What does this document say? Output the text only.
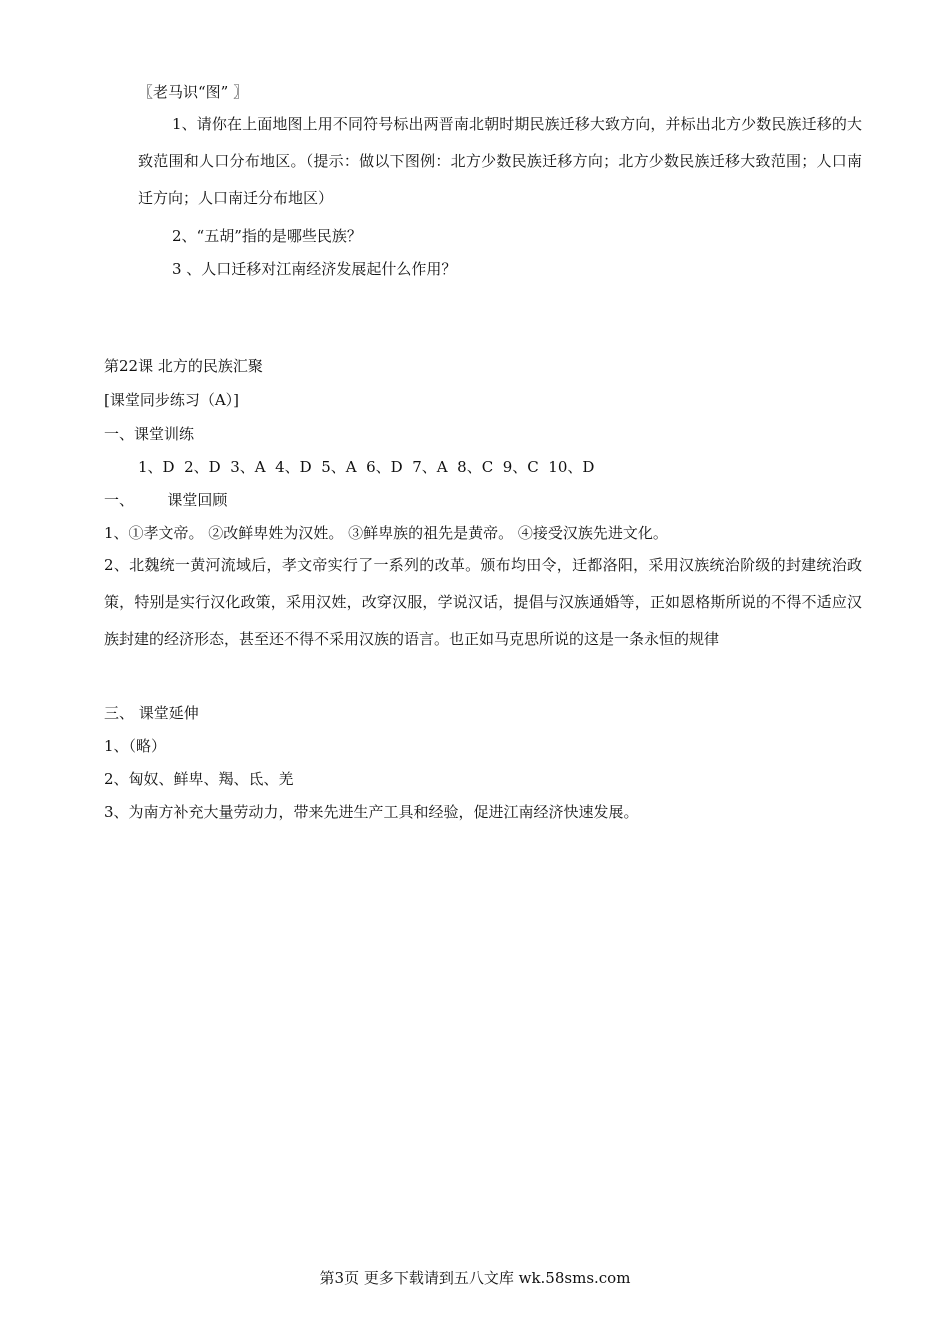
〖老马识“图” 〗
1、请你在上面地图上用不同符号标出两晋南北朝时期民族迁移大致方向，并标出北方少数民族迁移的大致范围和人口分布地区。（提示：做以下图例：北方少数民族迁移方向；北方少数民族迁移大致范围；人口南迁方向；人口南迁分布地区）
2、“五胡”指的是哪些民族？
3 、人口迁移对江南经济发展起什么作用？
第22课 北方的民族汇聚
[课堂同步练习（A）]
一、课堂训练
1、D  2、D  3、A  4、D  5、A  6、D  7、A  8、C  9、C  10、D
一、       课堂回顾
1、①孝文帝。 ②改鲜卑姓为汉姓。 ③鲜卑族的祖先是黄帝。 ④接受汉族先进文化。
2、北魏统一黄河流域后，孝文帝实行了一系列的改革。颁布均田令，迁都洛阳，采用汉族统治阶级的封建统治政策，特别是实行汉化政策，采用汉姓，改穿汉服，学说汉话，提倡与汉族通婚等，正如恩格斯所说的不得不适应汉族封建的经济形态，甚至还不得不采用汉族的语言。也正如马克思所说的这是一条永恒的规律
三、 课堂延伸
1、（略）
2、匈奴、鲜卑、羯、氐、羌
3、为南方补充大量劳动力，带来先进生产工具和经验，促进江南经济快速发展。
第3页 更多下载请到五八文库 wk.58sms.com
